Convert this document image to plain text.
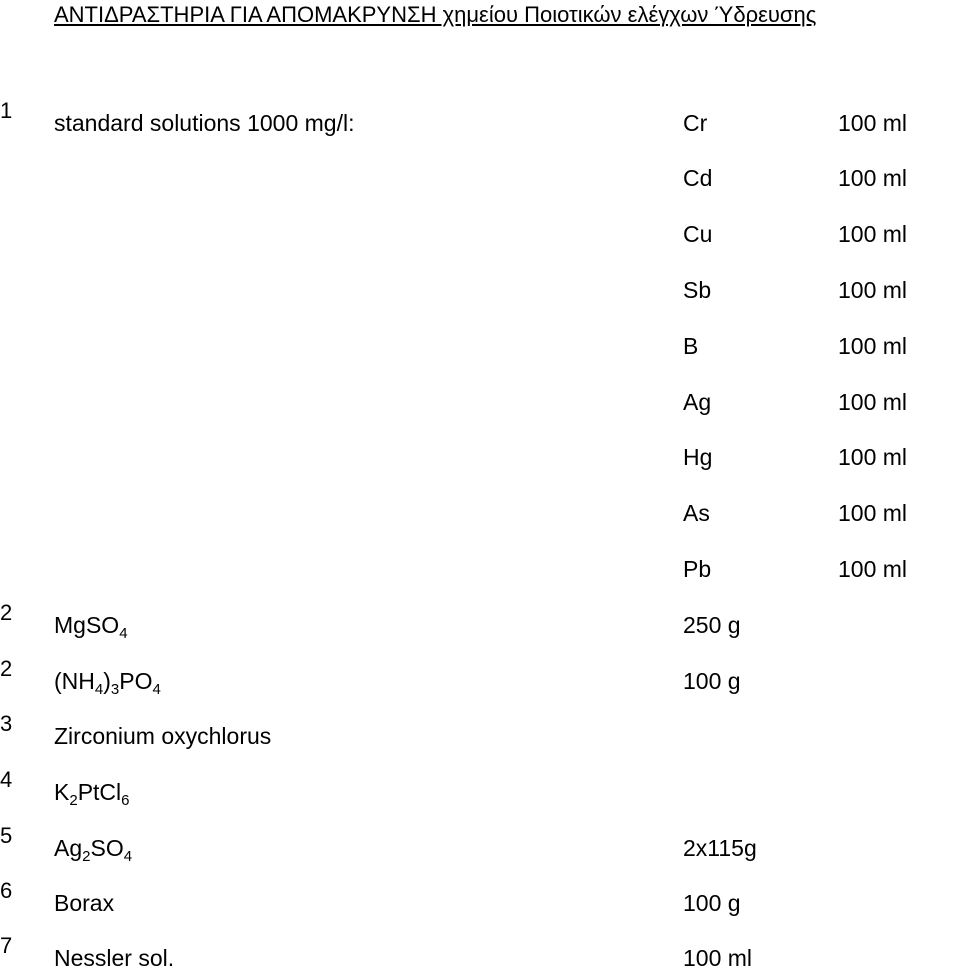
ΑΝΤΙΔΡΑΣΤΗΡΙΑ ΓΙΑ ΑΠΟΜΑΚΡΥΝΣΗ χημείου Ποιοτικών ελέγχων Ύδρευσης
1 standard solutions 1000 mg/l:	Cr	100 ml
Cd	100 ml
Cu	100 ml
Sb	100 ml
B	100 ml
Ag	100 ml
Hg	100 ml
As	100 ml
Pb	100 ml
2 MgSO$_4$	250 g
2 $(NH_4)_3PO_4$	100 g
3 Zirconium oxychlorus
4 $K_2PtCl_6$
5 $Ag_2SO_4$	2x115g
6 Borax	100 g
7 Nessler sol.	100 ml
